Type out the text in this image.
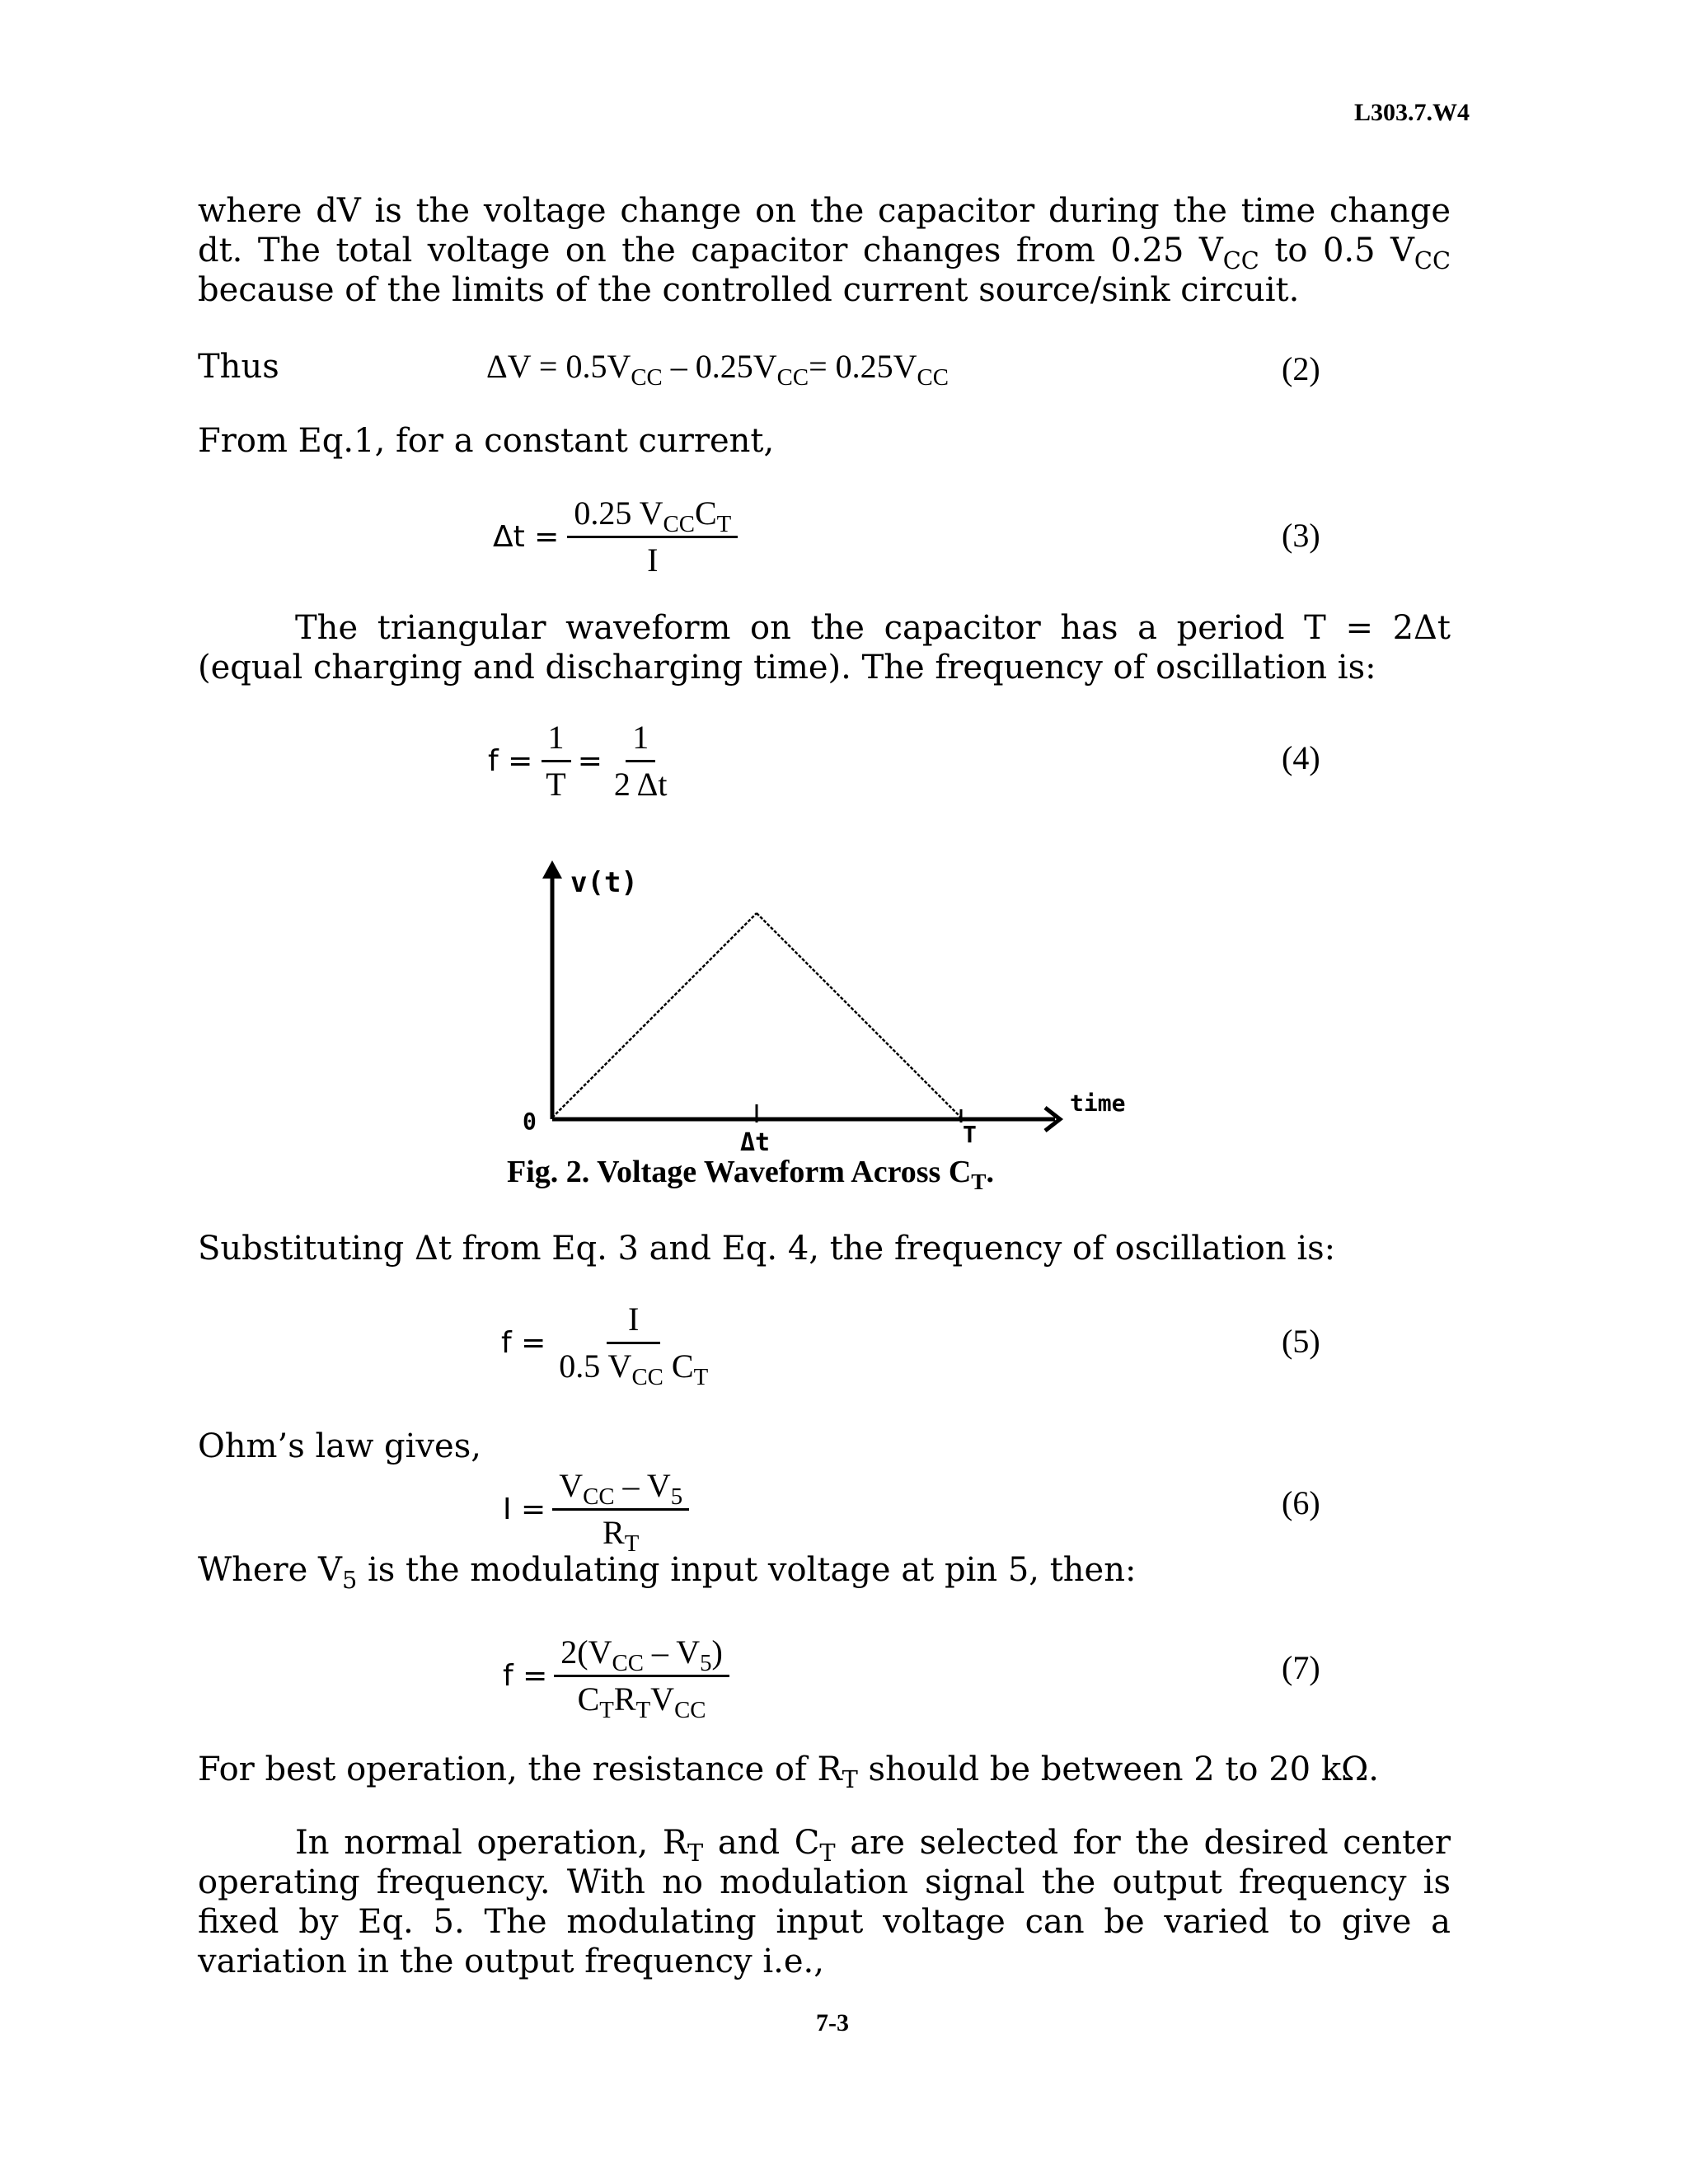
L303.7.W4
where dV is the voltage change on the capacitor during the time change dt. The total voltage on the capacitor changes from 0.25 $V_{CC}$ to 0.5 $V_{CC}$ because of the limits of the controlled current source/sink circuit.
Thus	$\Delta V = 0.5V_{CC} - 0.25V_{CC}= 0.25V_{CC}$	(2)
From Eq.1, for a constant current,
$\Delta t = \frac{0.25 V_{CC}C_T}{I}$	(3)
The triangular waveform on the capacitor has a period T = 2Δt (equal charging and discharging time). The frequency of oscillation is:
$f = \frac{1}{T} = \frac{1}{2 \Delta t}$	(4)
v(t)
0
time
Δt	T
Fig. 2. Voltage Waveform Across $C_T$.
Substituting Δt from Eq. 3 and Eq. 4, the frequency of oscillation is:
$f = \frac{I}{0.5 V_{CC} C_T}$	(5)
Ohm’s law gives,
$I = \frac{V_{CC} - V_5}{R_T}$	(6)
Where $V_5$ is the modulating input voltage at pin 5, then:
$f = \frac{2(V_{CC} - V_5)}{C_TR_TV_{CC}}$	(7)
For best operation, the resistance of $R_T$ should be between 2 to 20 kΩ.
In normal operation, $R_T$ and $C_T$ are selected for the desired center operating frequency. With no modulation signal the output frequency is fixed by Eq. 5. The modulating input voltage can be varied to give a variation in the output frequency i.e.,
7-3
